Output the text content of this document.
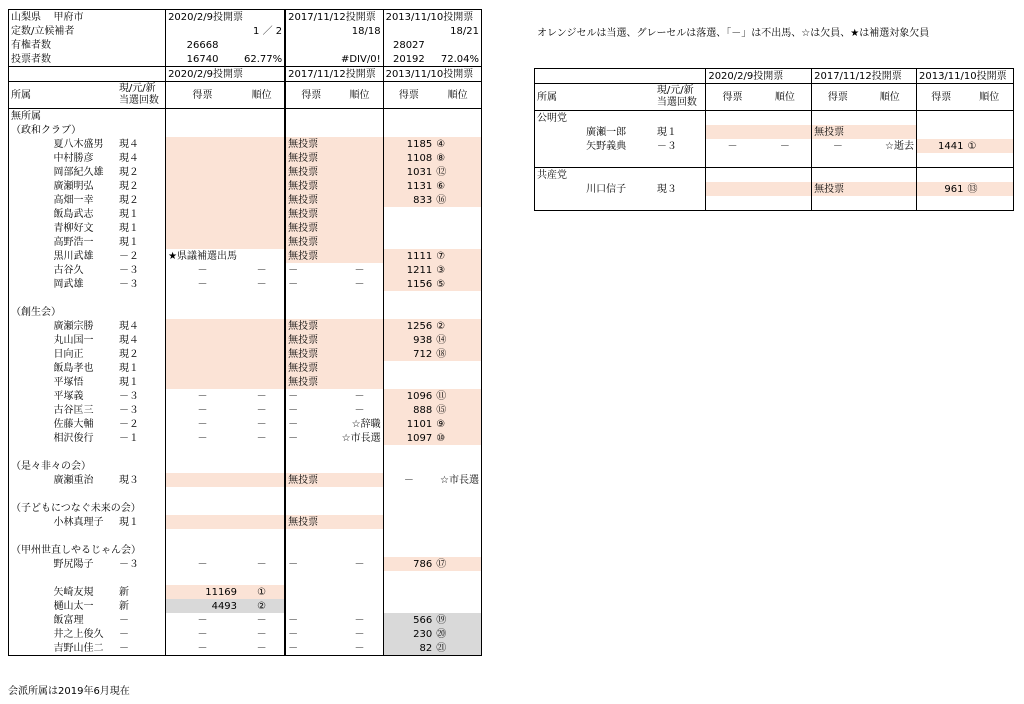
山梨県	甲府市		2020/2/9投開票		2017/11/12投開票		2013/11/10投開票	
定数/立候補者			1 ／ 2		18/18		18/21	
有権者数			26668				28027	
投票者数			16740	62.77%		#DIV/0!	20192	72.04%
			2020/2/9投開票		2017/11/12投開票		2013/11/10投開票	
所属		現/元/新
当選回数	得票	順位	得票	順位	得票	順位
無所属								
（政和クラブ）								
	夏八木盛男	現４			無投票		1185	④
	中村勝彦	現４			無投票		1108	⑧
	岡部紀久雄	現２			無投票		1031	⑫
	廣瀬明弘	現２			無投票		1131	⑥
	高畑一幸	現２			無投票		833	⑯
	飯島武志	現１			無投票			
	青柳好文	現１			無投票			
	高野浩一	現１			無投票			
	黒川武雄	－２	★県議補選出馬		無投票		1111	⑦
	古谷久	－３	－	－	－	－	1211	③
	岡武雄	－３	－	－	－	－	1156	⑤

（創生会）								
	廣瀬宗勝	現４			無投票		1256	②
	丸山国一	現４			無投票		938	⑭
	日向正	現２			無投票		712	⑱
	飯島孝也	現１			無投票			
	平塚悟	現１			無投票			
	平塚義	－３	－	－	－	－	1096	⑪
	古谷匡三	－３	－	－	－	－	888	⑮
	佐藤大輔	－２	－	－	－	☆辞職	1101	⑨
	相沢俊行	－１	－	－	－	☆市長選	1097	⑩

（是々非々の会）								
	廣瀬重治	現３			無投票		－	☆市長選

（子どもにつなぐ未来の会）								
	小林真理子	現１			無投票			

（甲州世直しやるじゃん会）								
	野尻陽子	－３	－	－	－	－	786	⑰

	矢崎友規	新	11169	①				
	樋山太一	新	4493	②				
	飯富理	－	－	－	－	－	566	⑲
	井之上俊久	－	－	－	－	－	230	⑳
	吉野山佳二	－	－	－	－	－	82	㉑
オレンジセルは当選、グレーセルは落選、「－」は不出馬、☆は欠員、★は補選対象欠員
			2020/2/9投開票		2017/11/12投開票		2013/11/10投開票	
所属		現/元/新
当選回数	得票	順位	得票	順位	得票	順位
公明党								
	廣瀬一郎	現１			無投票			
	矢野義典	－３	－	－	－	☆逝去	1441	①

共産党								
	川口信子	現３			無投票		961	⑬

会派所属は2019年6月現在
